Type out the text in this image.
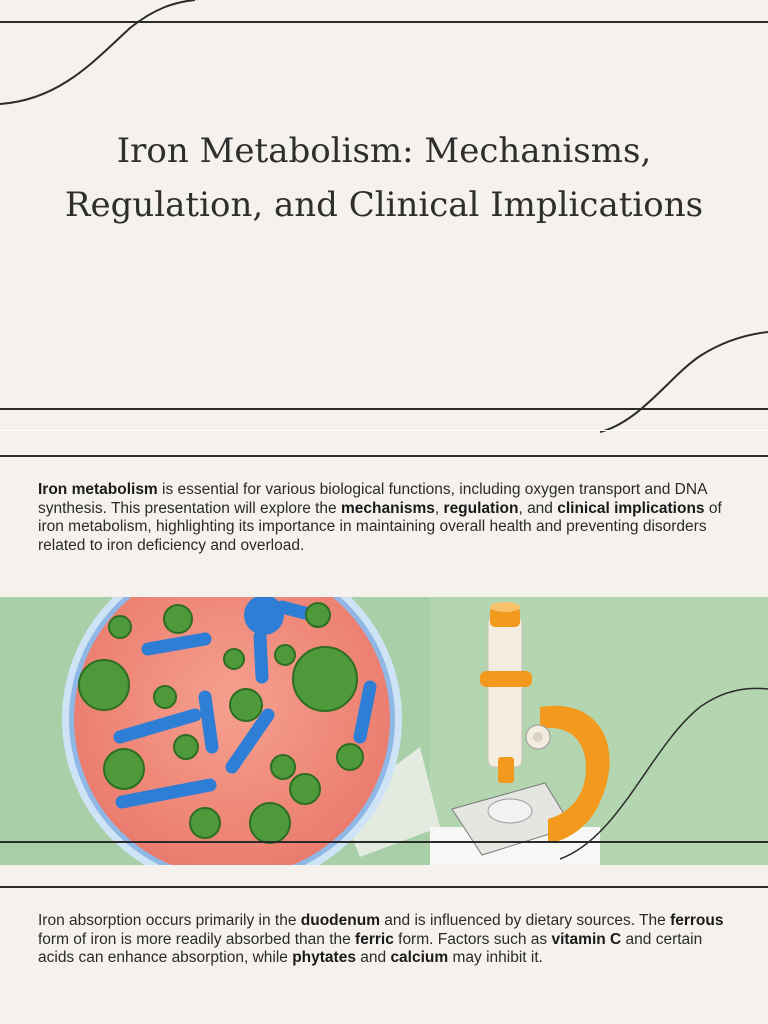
Iron Metabolism: Mechanisms, Regulation, and Clinical Implications

Iron metabolism is essential for various biological functions, including oxygen transport and DNA synthesis. This presentation will explore the mechanisms, regulation, and clinical implications of iron metabolism, highlighting its importance in maintaining overall health and preventing disorders related to iron deficiency and overload.

Iron absorption occurs primarily in the duodenum and is influenced by dietary sources. The ferrous form of iron is more readily absorbed than the ferric form. Factors such as vitamin C and certain acids can enhance absorption, while phytates and calcium may inhibit it.
